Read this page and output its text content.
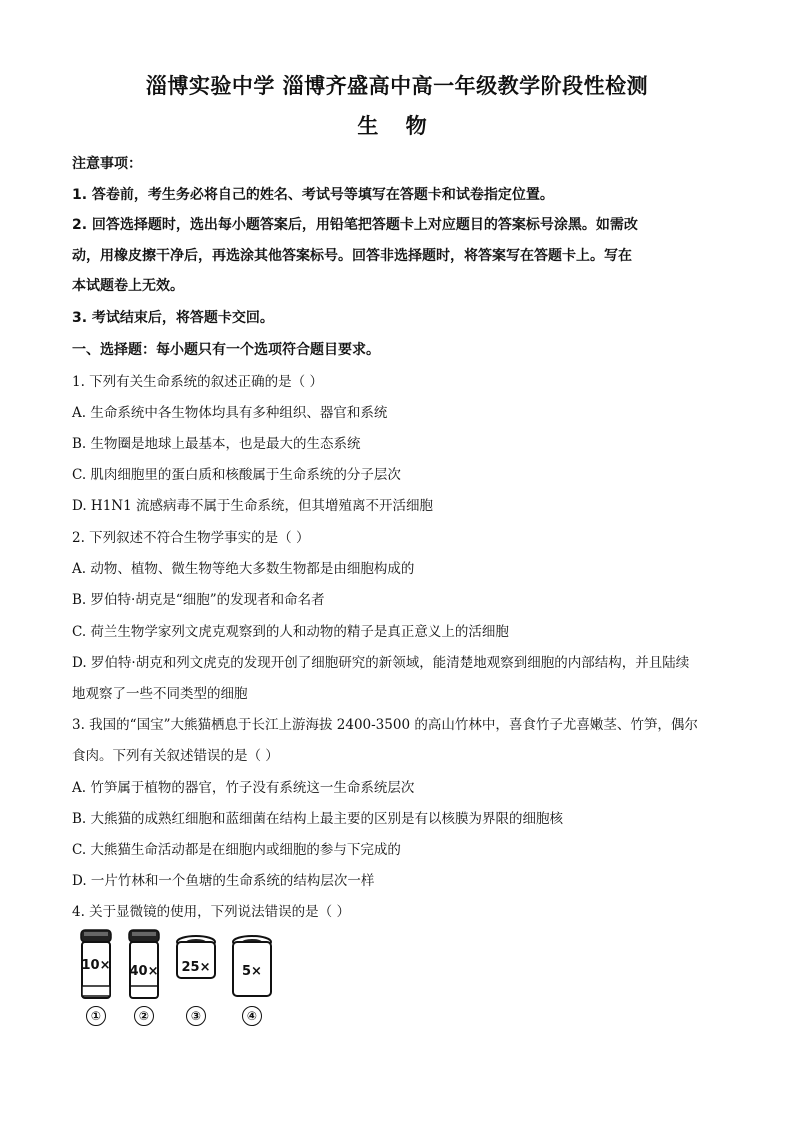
淄博实验中学 淄博齐盛高中高一年级教学阶段性检测
生 物
注意事项：
1. 答卷前，考生务必将自己的姓名、考试号等填写在答题卡和试卷指定位置。
2. 回答选择题时，选出每小题答案后，用铅笔把答题卡上对应题目的答案标号涂黑。如需改
动，用橡皮擦干净后，再选涂其他答案标号。回答非选择题时，将答案写在答题卡上。写在
本试题卷上无效。
3. 考试结束后，将答题卡交回。
一、选择题：每小题只有一个选项符合题目要求。
1. 下列有关生命系统的叙述正确的是（ ）
A. 生命系统中各生物体均具有多种组织、器官和系统
B. 生物圈是地球上最基本，也是最大的生态系统
C. 肌肉细胞里的蛋白质和核酸属于生命系统的分子层次
D. H1N1 流感病毒不属于生命系统，但其增殖离不开活细胞
2. 下列叙述不符合生物学事实的是（ ）
A. 动物、植物、微生物等绝大多数生物都是由细胞构成的
B. 罗伯特·胡克是“细胞”的发现者和命名者
C. 荷兰生物学家列文虎克观察到的人和动物的精子是真正意义上的活细胞
D. 罗伯特·胡克和列文虎克的发现开创了细胞研究的新领域，能清楚地观察到细胞的内部结构，并且陆续
地观察了一些不同类型的细胞
3. 我国的“国宝”大熊猫栖息于长江上游海拔 2400-3500 的高山竹林中，喜食竹子尤喜嫩茎、竹笋，偶尔
食肉。下列有关叙述错误的是（ ）
A. 竹笋属于植物的器官，竹子没有系统这一生命系统层次
B. 大熊猫的成熟红细胞和蓝细菌在结构上最主要的区别是有以核膜为界限的细胞核
C. 大熊猫生命活动都是在细胞内或细胞的参与下完成的
D. 一片竹林和一个鱼塘的生命系统的结构层次一样
4. 关于显微镜的使用，下列说法错误的是（ ）
10× 40× 25×	5×
①	②	③	④
